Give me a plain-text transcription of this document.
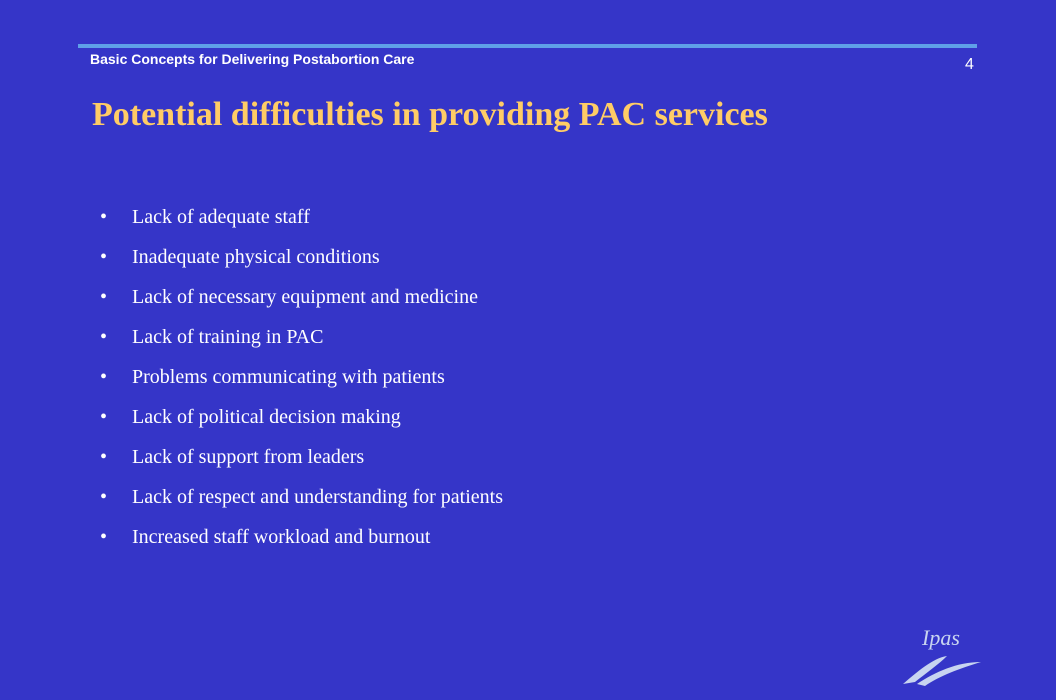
Basic Concepts for Delivering Postabortion Care	4
Potential difficulties in providing PAC services
• Lack of adequate staff
• Inadequate physical conditions
• Lack of necessary equipment and medicine
• Lack of training in PAC
• Problems communicating with patients
• Lack of political decision making
• Lack of support from leaders
• Lack of respect and understanding for patients
• Increased staff workload and burnout
Ipas
